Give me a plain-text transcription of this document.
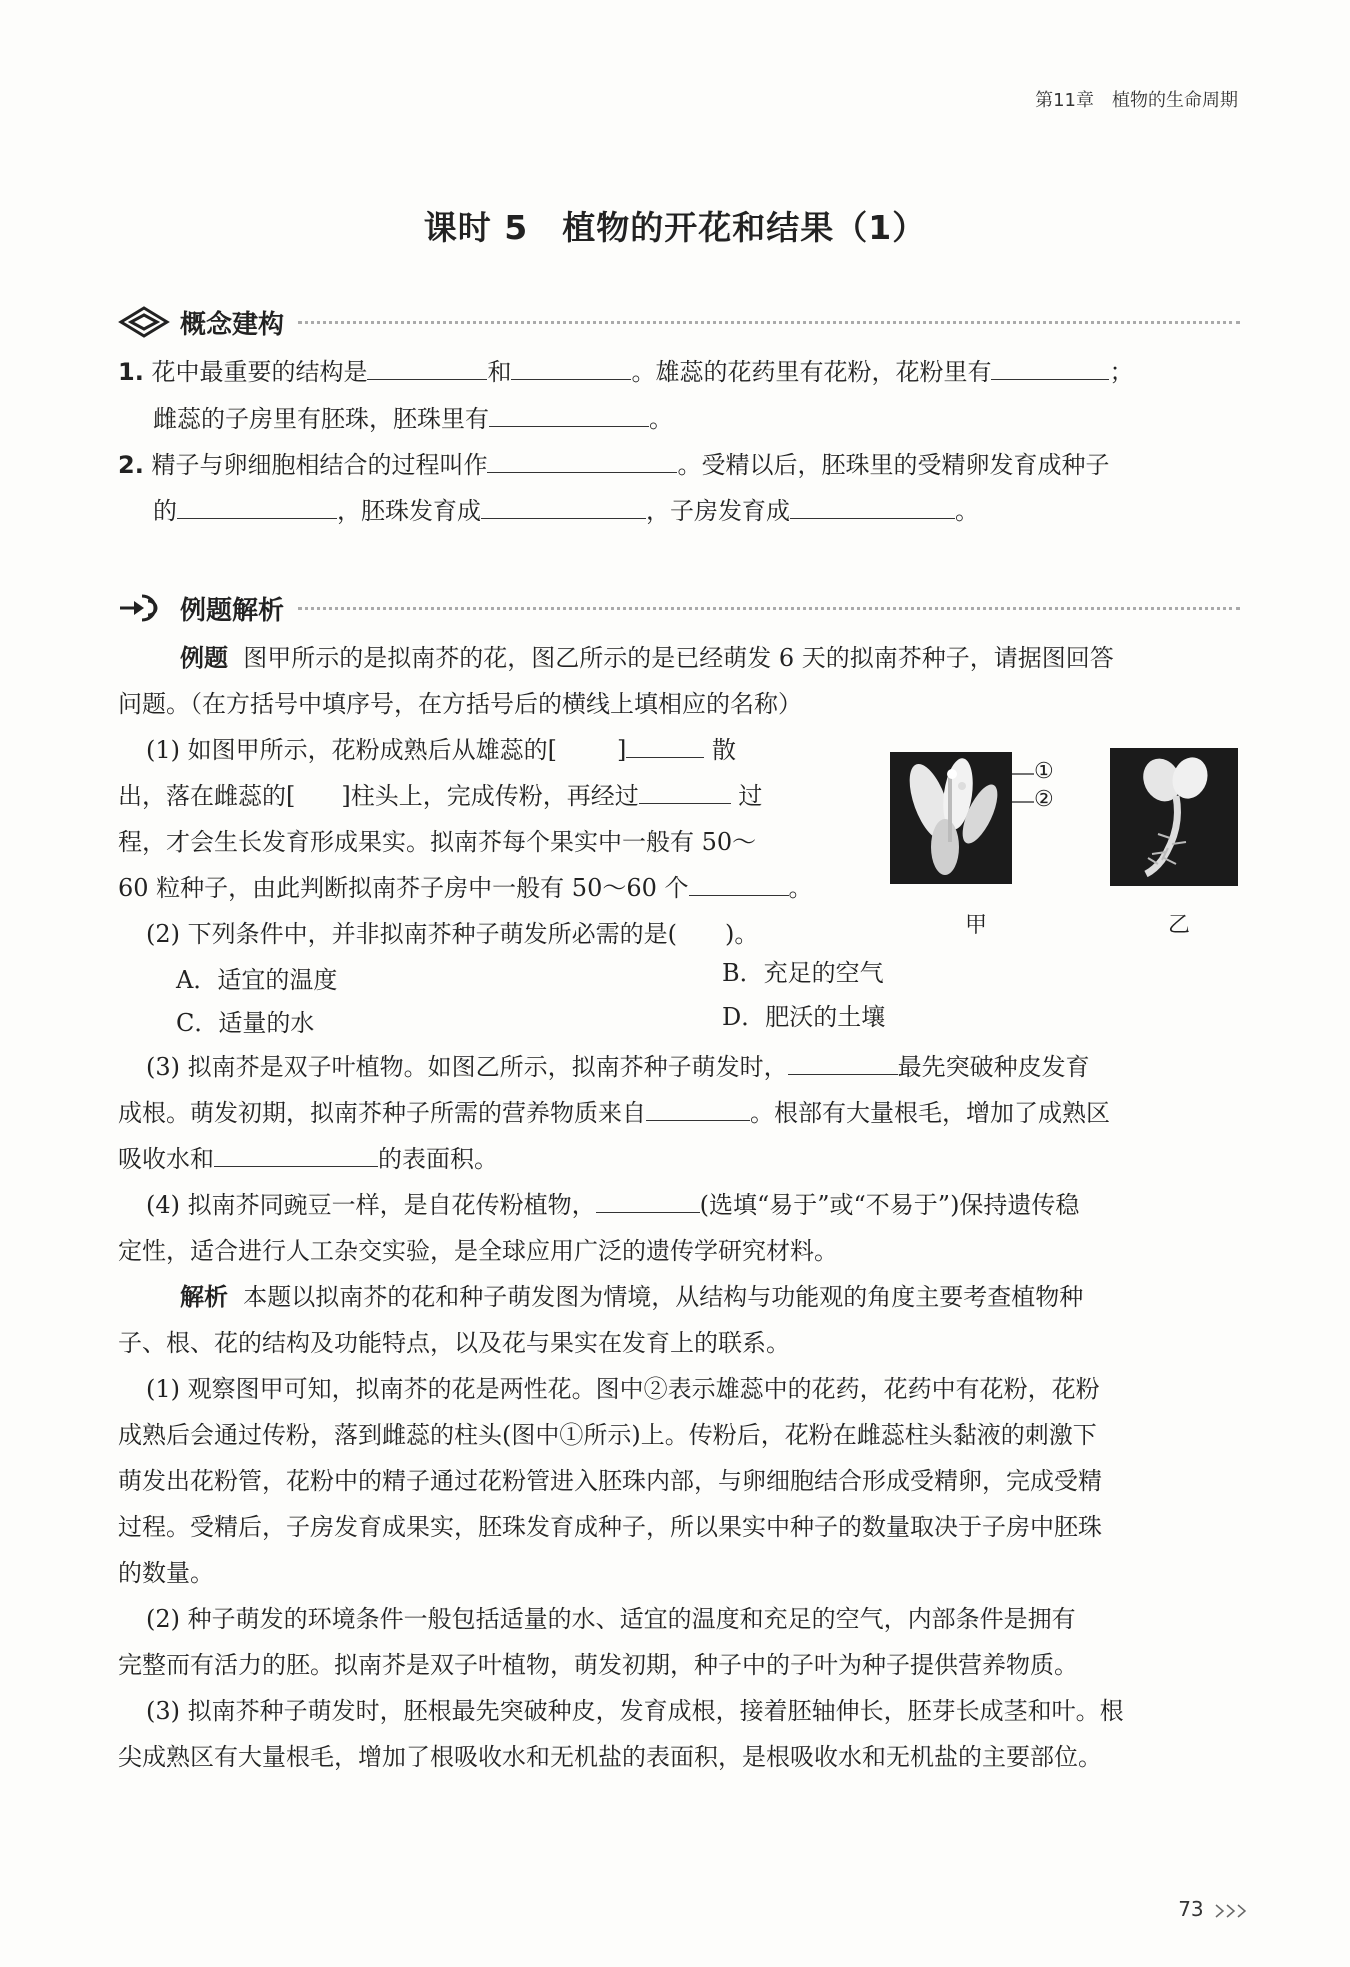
第11章　植物的生命周期
课时 5　植物的开花和结果（1）
概念建构
1. 花中最重要的结构是	和	。雄蕊的花药里有花粉，花粉里有	；
雌蕊的子房里有胚珠，胚珠里有	。
2. 精子与卵细胞相结合的过程叫作	。受精以后，胚珠里的受精卵发育成种子
的	，胚珠发育成	，子房发育成	。
例题解析
例题 图甲所示的是拟南芥的花，图乙所示的是已经萌发 6 天的拟南芥种子，请据图回答
问题。（在方括号中填序号，在方括号后的横线上填相应的名称）
(1) 如图甲所示，花粉成熟后从雄蕊的[	]	散
出，落在雌蕊的[ ]柱头上，完成传粉，再经过	过
程，才会生长发育形成果实。拟南芥每个果实中一般有 50～
60 粒种子，由此判断拟南芥子房中一般有 50～60 个	。
①
②
甲	乙
(2) 下列条件中，并非拟南芥种子萌发所必需的是(　　)。
A．适宜的温度	B．充足的空气
C．适量的水	D．肥沃的土壤
(3) 拟南芥是双子叶植物。如图乙所示，拟南芥种子萌发时，	最先突破种皮发育
成根。萌发初期，拟南芥种子所需的营养物质来自	。根部有大量根毛，增加了成熟区
吸收水和	的表面积。
(4) 拟南芥同豌豆一样，是自花传粉植物，	(选填“易于”或“不易于”)保持遗传稳
定性，适合进行人工杂交实验，是全球应用广泛的遗传学研究材料。
解析 本题以拟南芥的花和种子萌发图为情境，从结构与功能观的角度主要考查植物种
子、根、花的结构及功能特点，以及花与果实在发育上的联系。
(1) 观察图甲可知，拟南芥的花是两性花。图中②表示雄蕊中的花药，花药中有花粉，花粉
成熟后会通过传粉，落到雌蕊的柱头(图中①所示)上。传粉后，花粉在雌蕊柱头黏液的刺激下
萌发出花粉管，花粉中的精子通过花粉管进入胚珠内部，与卵细胞结合形成受精卵，完成受精
过程。受精后，子房发育成果实，胚珠发育成种子，所以果实中种子的数量取决于子房中胚珠
的数量。
(2) 种子萌发的环境条件一般包括适量的水、适宜的温度和充足的空气，内部条件是拥有
完整而有活力的胚。拟南芥是双子叶植物，萌发初期，种子中的子叶为种子提供营养物质。
(3) 拟南芥种子萌发时，胚根最先突破种皮，发育成根，接着胚轴伸长，胚芽长成茎和叶。根
尖成熟区有大量根毛，增加了根吸收水和无机盐的表面积，是根吸收水和无机盐的主要部位。
73
